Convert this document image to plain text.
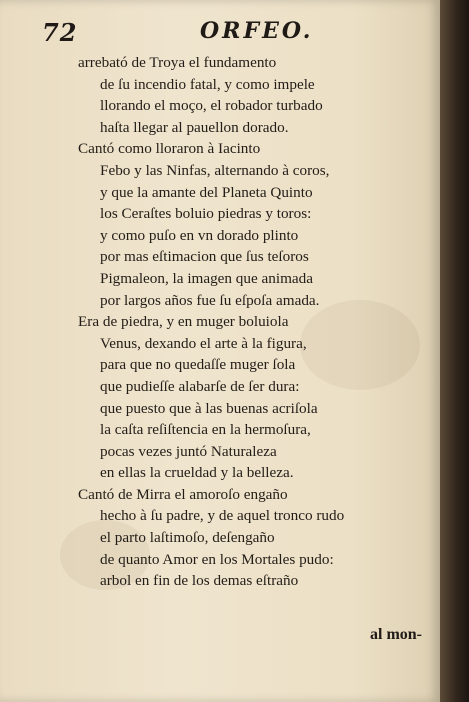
72	ORFEO.
arrebató de Troya el fundamento
de ſu incendio fatal, y como impele
llorando el moço, el robador turbado
haſta llegar al pauellon dorado.
Cantó como lloraron à Iacinto
Febo y las Ninfas, alternando à coros,
y que la amante del Planeta Quinto
los Ceraſtes boluio piedras y toros:
y como puſo en vn dorado plinto
por mas eſtimacion que ſus teſoros
Pigmaleon, la imagen que animada
por largos años fue ſu eſpoſa amada.
Era de piedra, y en muger boluiola
Venus, dexando el arte à la figura,
para que no quedaſſe muger ſola
que pudieſſe alabarſe de ſer dura:
que puesto que à las buenas acriſola
la caſta reſiſtencia en la hermoſura,
pocas vezes juntó Naturaleza
en ellas la crueldad y la belleza.
Cantó de Mirra el amoroſo engaño
hecho à ſu padre, y de aquel tronco rudo
el parto laſtimoſo, deſengaño
de quanto Amor en los Mortales pudo:
arbol en fin de los demas eſtraño
al mon-
